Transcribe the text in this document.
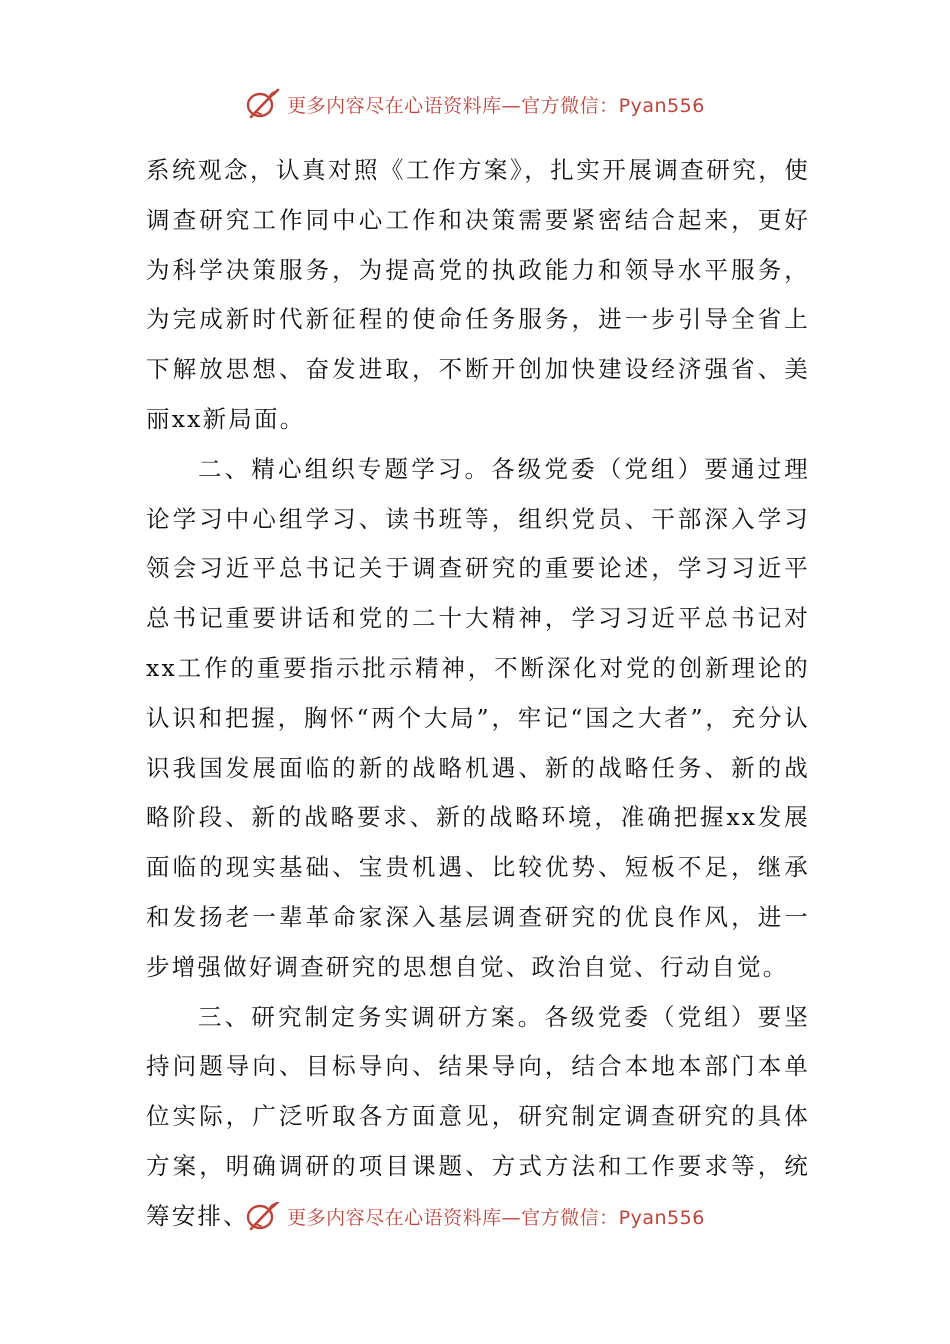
更多内容尽在心语资料库—官方微信：Pyan556

系统观念，认真对照《工作方案》，扎实开展调查研究，使调查研究工作同中心工作和决策需要紧密结合起来，更好为科学决策服务，为提高党的执政能力和领导水平服务，为完成新时代新征程的使命任务服务，进一步引导全省上下解放思想、奋发进取，不断开创加快建设经济强省、美丽xx新局面。

二、精心组织专题学习。各级党委（党组）要通过理论学习中心组学习、读书班等，组织党员、干部深入学习领会习近平总书记关于调查研究的重要论述，学习习近平总书记重要讲话和党的二十大精神，学习习近平总书记对xx工作的重要指示批示精神，不断深化对党的创新理论的认识和把握，胸怀“两个大局”，牢记“国之大者”，充分认识我国发展面临的新的战略机遇、新的战略任务、新的战略阶段、新的战略要求、新的战略环境，准确把握xx发展面临的现实基础、宝贵机遇、比较优势、短板不足，继承和发扬老一辈革命家深入基层调查研究的优良作风，进一步增强做好调查研究的思想自觉、政治自觉、行动自觉。

三、研究制定务实调研方案。各级党委（党组）要坚持问题导向、目标导向、结果导向，结合本地本部门本单位实际，广泛听取各方面意见，研究制定调查研究的具体方案，明确调研的项目课题、方式方法和工作要求等，统筹安排、	更多内容尽在心语资料库—官方微信：Pyan556
